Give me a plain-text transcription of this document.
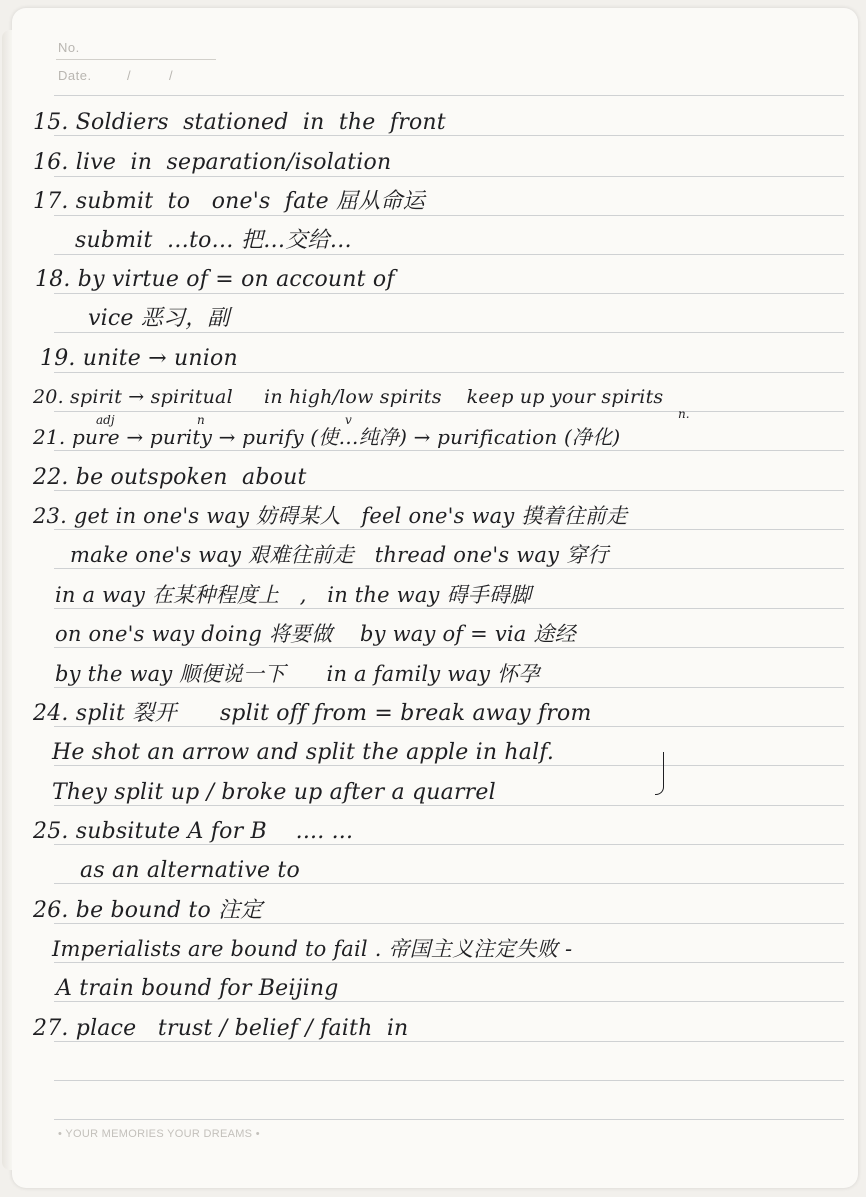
No.
Date.	/	/
15. Soldiers  stationed  in  the  front
16. live  in  separation/isolation
17. submit  to   one's  fate 屈从命运
submit  …to… 把…交给…
18. by virtue of = on account of
vice 恶习，副
19. unite → union
20. spirit → spiritual     in high/low spirits    keep up your spirits
21. pure → purity → purify (使…纯净) → purification (净化)
22. be outspoken  about
23. get in one's way 妨碍某人   feel one's way 摸着往前走
make one's way 艰难往前走   thread one's way 穿行
in a way 在某种程度上   ,   in the way 碍手碍脚
on one's way doing 将要做    by way of = via 途经
by the way 顺便说一下      in a family way 怀孕
24. split 裂开      split off from = break away from
He shot an arrow and split the apple in half.
They split up / broke up after a quarrel
25. subsitute A for B    .... ...
as an alternative to
26. be bound to 注定
Imperialists are bound to fail . 帝国主义注定失败 -
A train bound for Beijing
27. place   trust / belief / faith  in
adj	n	v	n.
• YOUR MEMORIES YOUR DREAMS •
